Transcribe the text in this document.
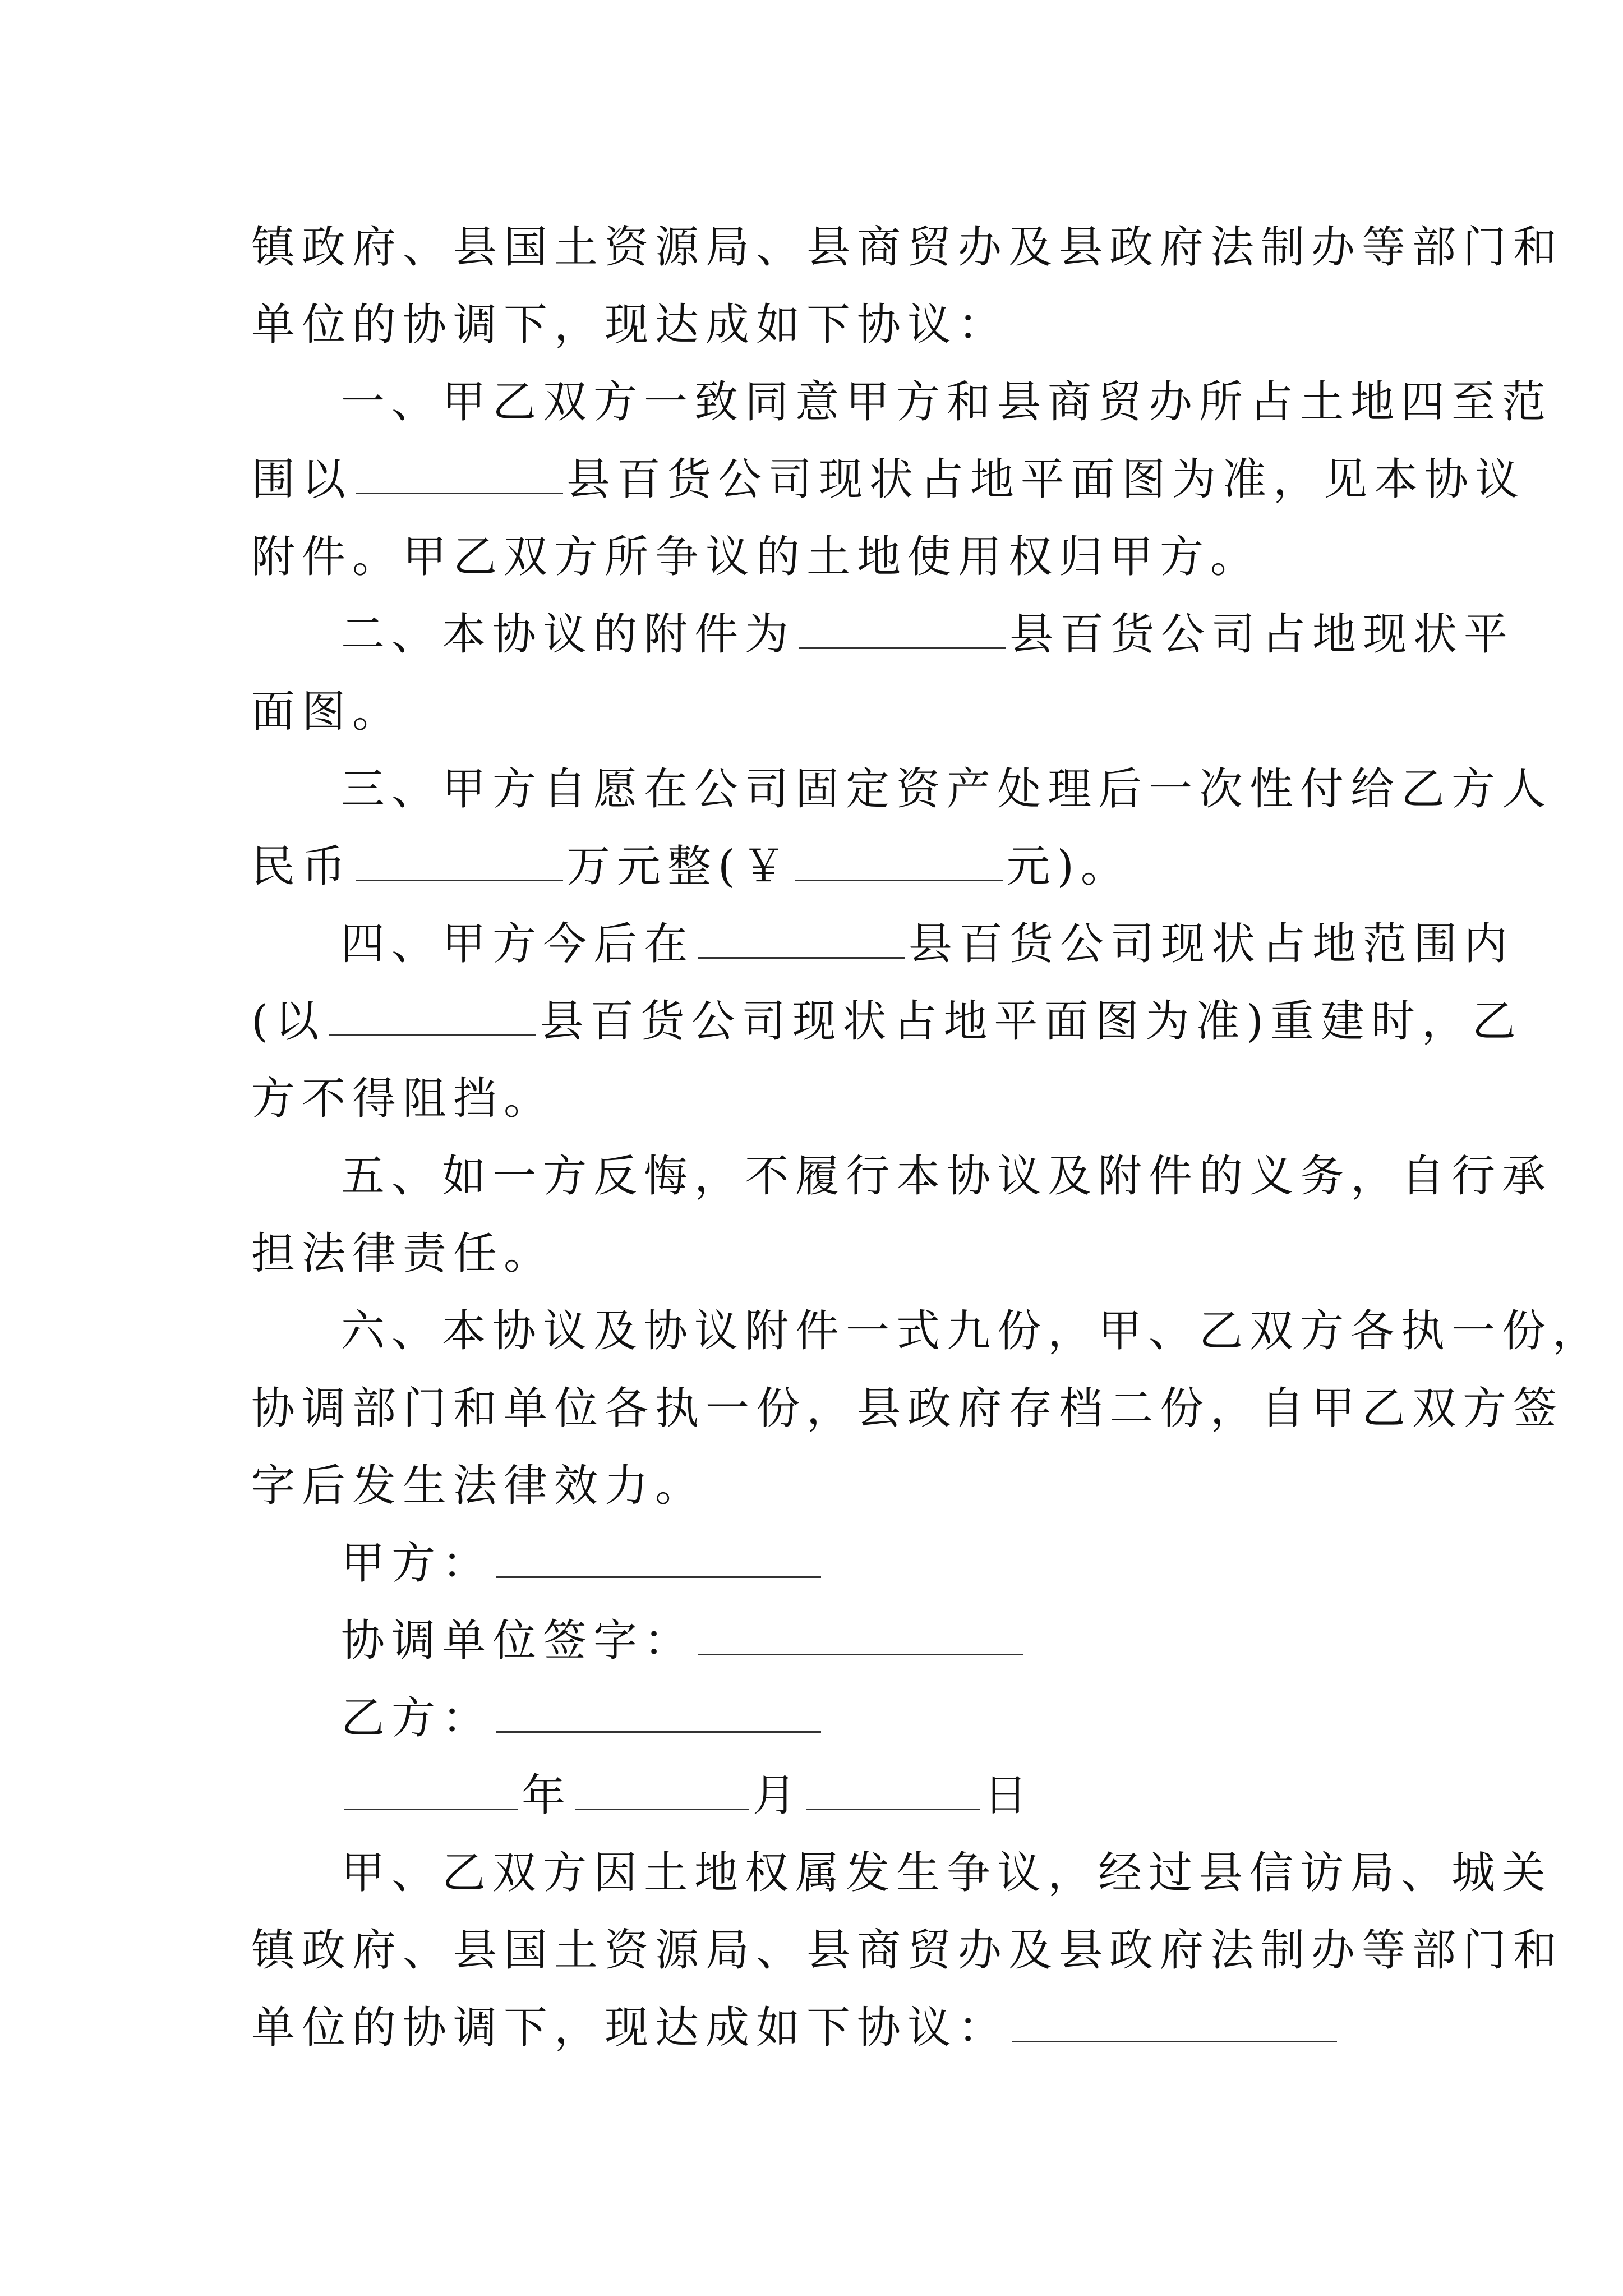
镇政府、县国土资源局、县商贸办及县政府法制办等部门和
单位的协调下，现达成如下协议：
一、甲乙双方一致同意甲方和县商贸办所占土地四至范
围以	县百货公司现状占地平面图为准，见本协议
附件。甲乙双方所争议的土地使用权归甲方。
二、本协议的附件为	县百货公司占地现状平
面图。
三、甲方自愿在公司固定资产处理后一次性付给乙方人
民币	万元整(￥	元)。
四、甲方今后在	县百货公司现状占地范围内
(以	县百货公司现状占地平面图为准)重建时，乙
方不得阻挡。
五、如一方反悔，不履行本协议及附件的义务，自行承
担法律责任。
六、本协议及协议附件一式九份，甲、乙双方各执一份，
协调部门和单位各执一份，县政府存档二份，自甲乙双方签
字后发生法律效力。
甲方：
协调单位签字：
乙方：
年	月	日
甲、乙双方因土地权属发生争议，经过县信访局、城关
镇政府、县国土资源局、县商贸办及县政府法制办等部门和
单位的协调下，现达成如下协议：
